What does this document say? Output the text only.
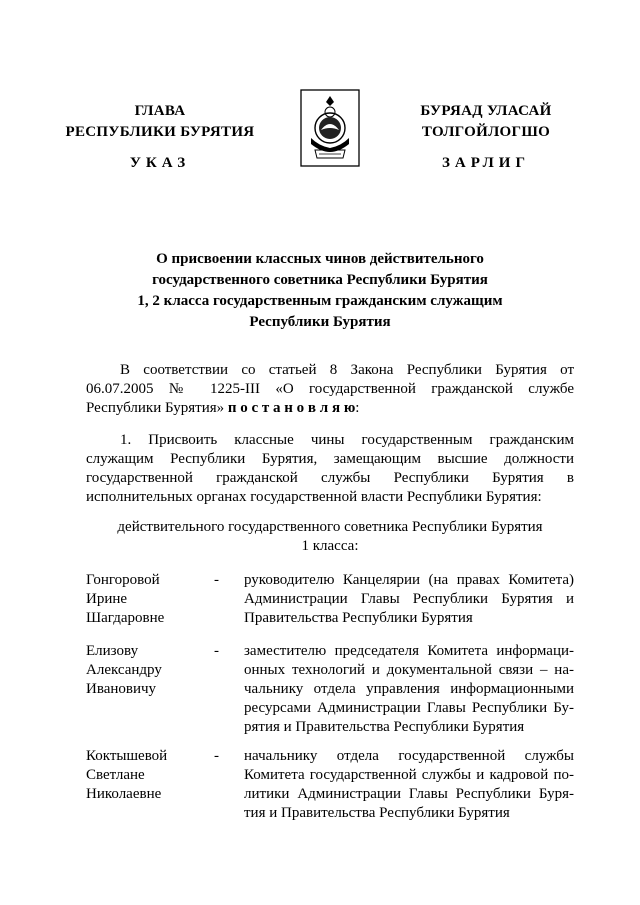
ГЛАВА
РЕСПУБЛИКИ БУРЯТИЯ
БУРЯАД УЛАСАЙ
ТОЛГОЙЛОГШО
УКАЗ	ЗАРЛИГ
О присвоении классных чинов действительного
государственного советника Республики Бурятия
1, 2 класса государственным гражданским служащим
Республики Бурятия
В соответствии со статьей 8 Закона Республики Бурятия от
06.07.2005 № 1225-III «О государственной гражданской службе
Республики Бурятия» п о с т а н о в л я ю:
1. Присвоить классные чины государственным гражданским
служащим Республики Бурятия, замещающим высшие должности
государственной гражданской службы Республики Бурятия в
исполнительных органах государственной власти Республики Бурятия:
действительного государственного советника Республики Бурятия
1 класса:
Гонгоровой
Ирине
Шагдаровне
- руководителю Канцелярии (на правах Комитета)
Администрации Главы Республики Бурятия и
Правительства Республики Бурятия
Елизову
Александру
Ивановичу
- заместителю председателя Комитета информаци-
онных технологий и документальной связи – на-
чальнику отдела управления информационными
ресурсами Администрации Главы Республики Бу-
рятия и Правительства Республики Бурятия
Коктышевой
Светлане
Николаевне
- начальнику отдела государственной службы
Комитета государственной службы и кадровой по-
литики Администрации Главы Республики Буря-
тия и Правительства Республики Бурятия
